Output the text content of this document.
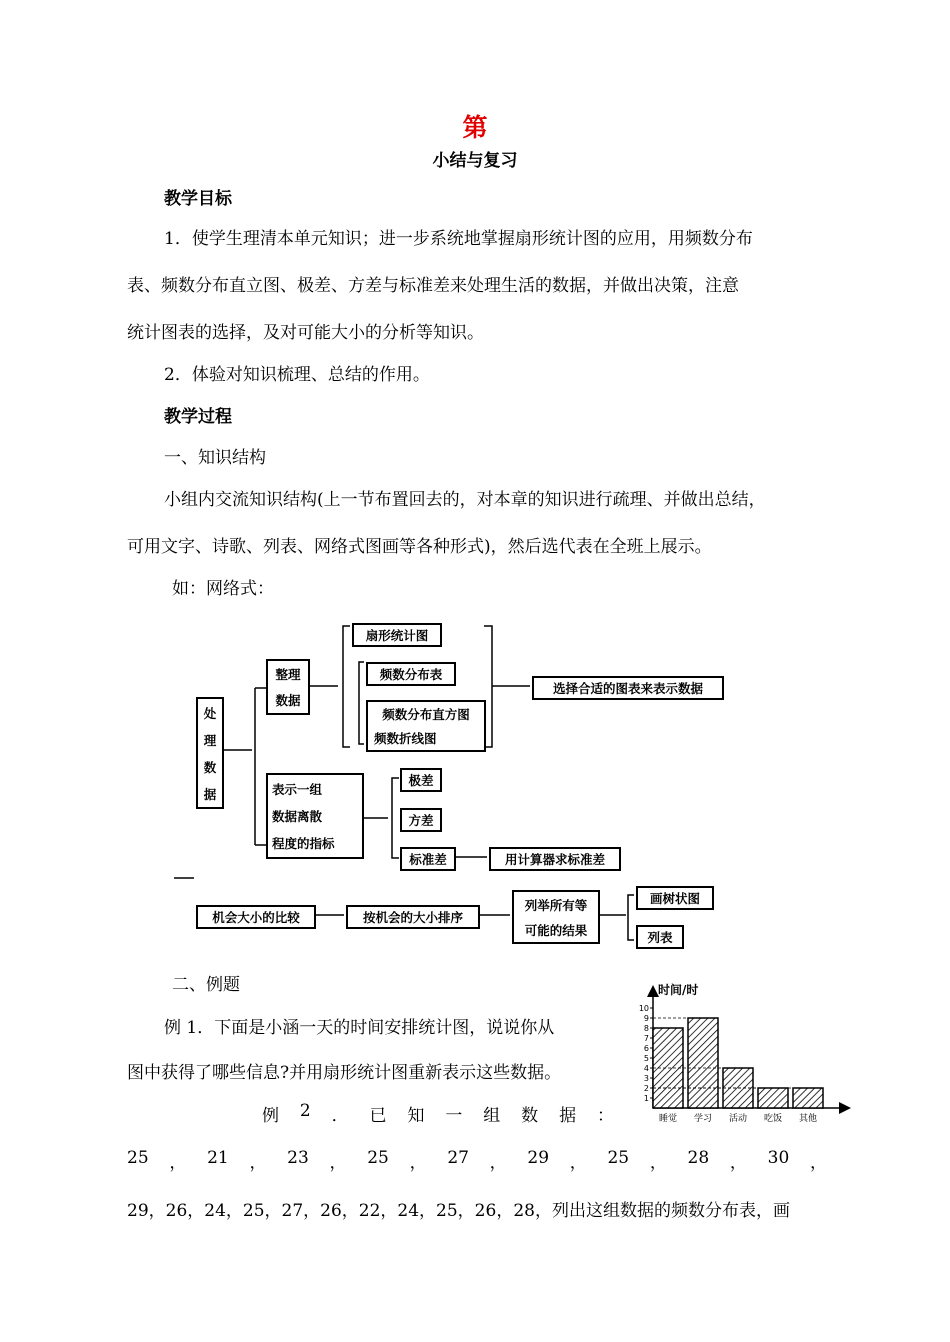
第
小结与复习
教学目标
1．使学生理清本单元知识；进一步系统地掌握扇形统计图的应用，用频数分布
表、频数分布直立图、极差、方差与标准差来处理生活的数据，并做出决策，注意
统计图表的选择，及对可能大小的分析等知识。
2．体验对知识梳理、总结的作用。
教学过程
一、知识结构
小组内交流知识结构(上一节布置回去的，对本章的知识进行疏理、并做出总结，
可用文字、诗歌、列表、网络式图画等各种形式)，然后选代表在全班上展示。
如：网络式：
处
理
数
据
整理
数据
扇形统计图
频数分布表
频数分布直方图
频数折线图
选择合适的图表来表示数据
表示一组
数据离散
程度的指标
极差
方差
标准差	用计算器求标准差
机会大小的比较	按机会的大小排序
列举所有等
可能的结果
画树状图
列表
二、例题
例 1．下面是小涵一天的时间安排统计图，说说你从
图中获得了哪些信息?并用扇形统计图重新表示这些数据。
例 2 ． 已 知 一 组 数 据 ：
25 ， 21 ， 23 ， 25 ， 27 ， 29 ， 25 ， 28 ， 30 ，
29，26，24，25，27，26，22，24，25，26，28，列出这组数据的频数分布表，画
时间/时
1
2
3
4
5
6
7
8
9
10
睡觉 学习 活动 吃饭 其他
